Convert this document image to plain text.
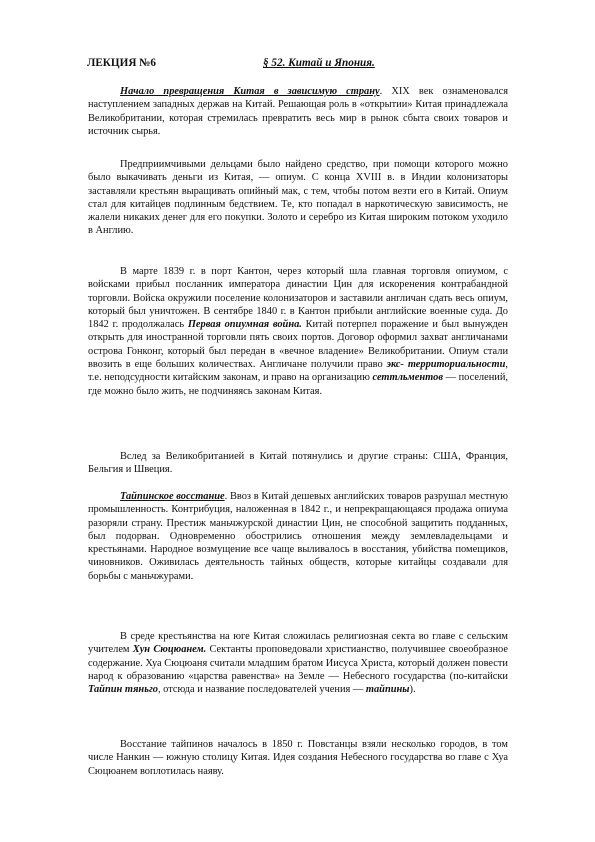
ЛЕКЦИЯ №6	§ 52. Китай и Япония.

Начало превращения Китая в зависимую страну. XIX век ознаменовался наступлением западных держав на Китай. Решающая роль в «открытии» Китая принадлежала Великобритании, которая стремилась превратить весь мир в рынок сбыта своих товаров и источник сырья.

Предприимчивыми дельцами было найдено средство, при помощи которого можно было выкачивать деньги из Китая, — опиум. С конца XVIII в. в Индии колонизаторы заставляли крестьян выращивать опийный мак, с тем, чтобы потом везти его в Китай. Опиум стал для китайцев подлинным бедствием. Те, кто попадал в наркотическую зависимость, не жалели никаких денег для его покупки. Золото и серебро из Китая широким потоком уходило в Англию.

В марте 1839 г. в порт Кантон, через который шла главная торговля опиумом, с войсками прибыл посланник императора династии Цин для искоренения контрабандной торговли. Войска окружили поселение колонизаторов и заставили англичан сдать весь опиум, который был уничтожен. В сентябре 1840 г. в Кантон прибыли английские военные суда. До 1842 г. продолжалась Первая опиумная война. Китай потерпел поражение и был вынужден открыть для иностранной торговли пять своих портов. Договор оформил захват англичанами острова Гонконг, который был передан в «вечное владение» Великобритании. Опиум стали ввозить в еще больших количествах. Англичане получили право экс- территориальности, т.е. неподсудности китайским законам, и право на организацию сеттльментов — поселений, где можно было жить, не подчиняясь законам Китая.

Вслед за Великобританией в Китай потянулись и другие страны: США, Франция, Бельгия и Швеция.

Тайпинское восстание. Ввоз в Китай дешевых английских товаров разрушал местную промышленность. Контрибуция, наложенная в 1842 г., и непрекращающаяся продажа опиума разоряли страну. Престиж маньчжурской династии Цин, не способной защитить подданных, был подорван. Одновременно обострились отношения между землевладельцами и крестьянами. Народное возмущение все чаще выливалось в восстания, убийства помещиков, чиновников. Оживилась деятельность тайных обществ, которые китайцы создавали для борьбы с маньчжурами.

В среде крестьянства на юге Китая сложилась религиозная секта во главе с сельским учителем Хун Сюцюанем. Сектанты проповедовали христианство, получившее своеобразное содержание. Хуа Сюцюаня считали младшим братом Иисуса Христа, который должен повести народ к образованию «царства равенства» на Земле — Небесного государства (по-китайски Тайпин тяньго, отсюда и название последователей учения — тайпины).

Восстание тайпинов началось в 1850 г. Повстанцы взяли несколько городов, в том числе Нанкин — южную столицу Китая. Идея создания Небесного государства во главе с Хуа Сюцюанем воплотилась наяву.
